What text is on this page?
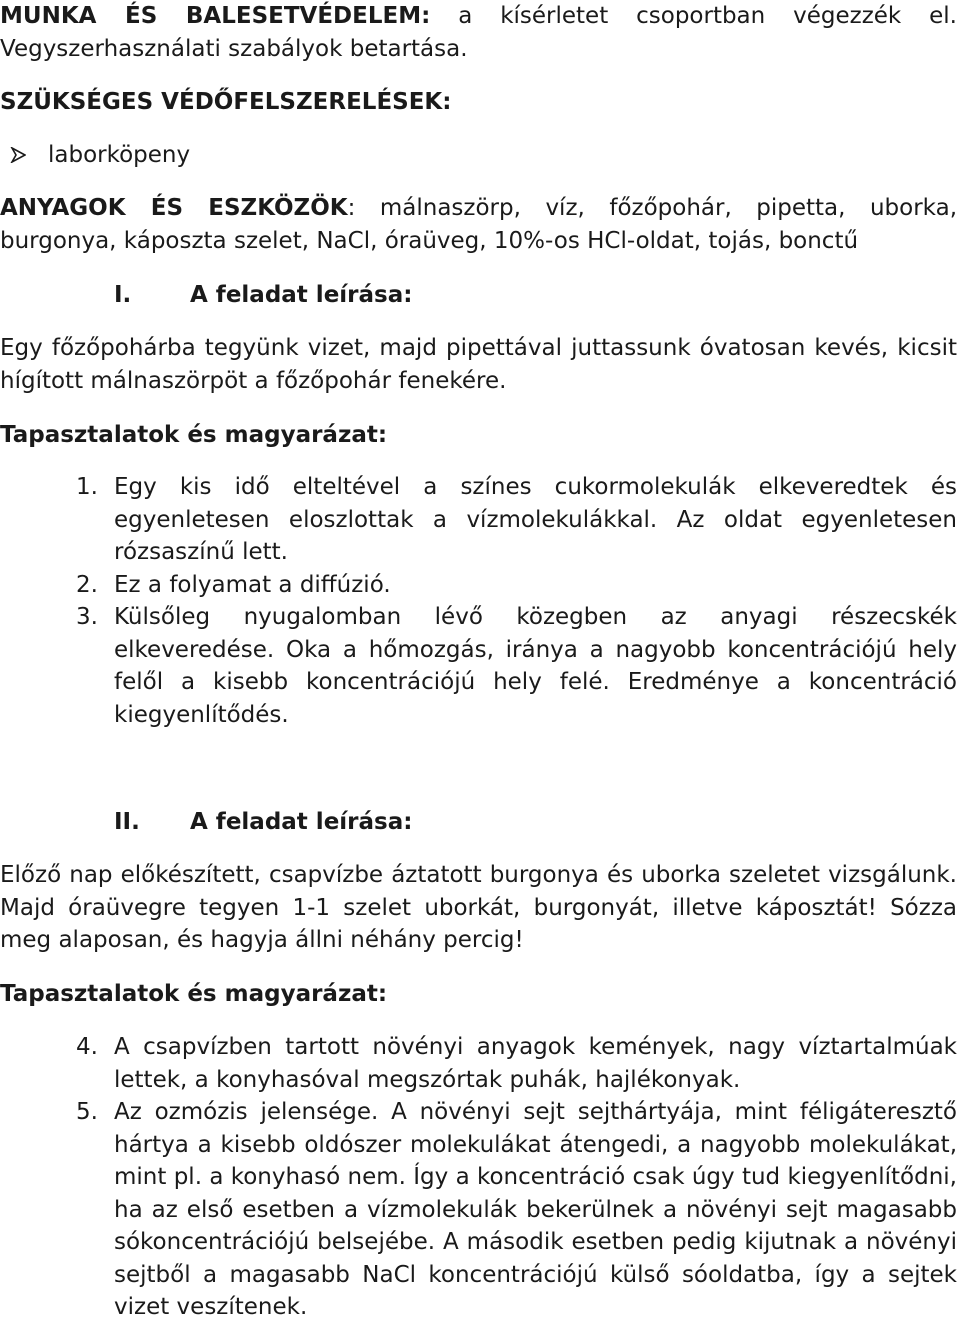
MUNKA ÉS BALESETVÉDELEM: a kísérletet csoportban végezzék el. Vegyszerhasználati szabályok betartása.
SZÜKSÉGES VÉDŐFELSZERELÉSEK:
laborköpeny
ANYAGOK ÉS ESZKÖZÖK: málnaszörp, víz, főzőpohár, pipetta, uborka, burgonya, káposzta szelet, NaCl, óraüveg, 10%-os HCl-oldat, tojás, bonctű
I.	A feladat leírása:
Egy főzőpohárba tegyünk vizet, majd pipettával juttassunk óvatosan kevés, kicsit hígított málnaszörpöt a főzőpohár fenekére.
Tapasztalatok és magyarázat:
1. Egy kis idő elteltével a színes cukormolekulák elkeveredtek és egyenletesen eloszlottak a vízmolekulákkal. Az oldat egyenletesen rózsaszínű lett.
2. Ez a folyamat a diffúzió.
3. Külsőleg nyugalomban lévő közegben az anyagi részecskék elkeveredése. Oka a hőmozgás, iránya a nagyobb koncentrációjú hely felől a kisebb koncentrációjú hely felé. Eredménye a koncentráció kiegyenlítődés.
II. A feladat leírása:
Előző nap előkészített, csapvízbe áztatott burgonya és uborka szeletet vizsgálunk. Majd óraüvegre tegyen 1-1 szelet uborkát, burgonyát, illetve káposztát! Sózza meg alaposan, és hagyja állni néhány percig!
Tapasztalatok és magyarázat:
4. A csapvízben tartott növényi anyagok kemények, nagy víztartalmúak lettek, a konyhasóval megszórtak puhák, hajlékonyak.
5. Az ozmózis jelensége. A növényi sejt sejthártyája, mint féligáteresztő hártya a kisebb oldószer molekulákat átengedi, a nagyobb molekulákat, mint pl. a konyhasó nem. Így a koncentráció csak úgy tud kiegyenlítődni, ha az első esetben a vízmolekulák bekerülnek a növényi sejt magasabb sókoncentrációjú belsejébe. A második esetben pedig kijutnak a növényi sejtből a magasabb NaCl koncentrációjú külső sóoldatba, így a sejtek vizet veszítenek.
